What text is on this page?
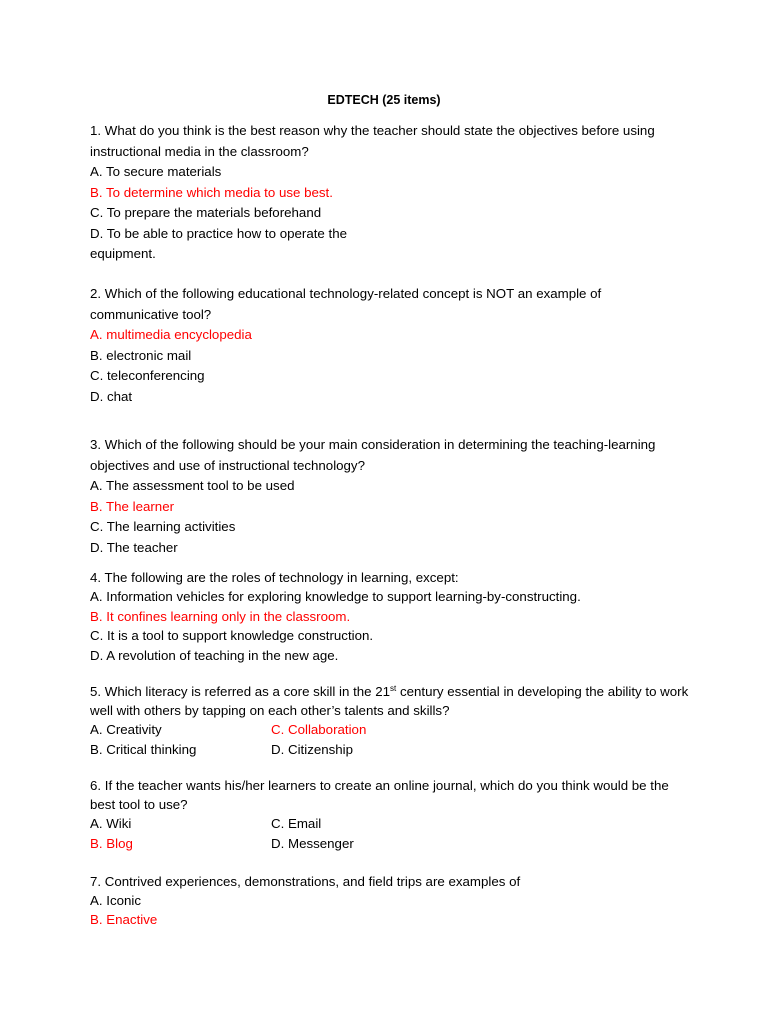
EDTECH (25 items)

1. What do you think is the best reason why the teacher should state the objectives before using instructional media in the classroom?

A. To secure materials

B. To determine which media to use best.

C. To prepare the materials beforehand

D. To be able to practice how to operate the

equipment.

2. Which of the following educational technology-related concept is NOT an example of communicative tool?

A. multimedia encyclopedia

B. electronic mail

C. teleconferencing

D. chat

3. Which of the following should be your main consideration in determining the teaching-learning objectives and use of instructional technology?

A. The assessment tool to be used

B. The learner

C. The learning activities

D. The teacher

4. The following are the roles of technology in learning, except:

A. Information vehicles for exploring knowledge to support learning-by-constructing.

B. It confines learning only in the classroom.

C. It is a tool to support knowledge construction.

D. A revolution of teaching in the new age.

5. Which literacy is referred as a core skill in the 21st century essential in developing the ability to work well with others by tapping on each other’s talents and skills?

A. Creativity	C. Collaboration
B. Critical thinking	D. Citizenship

6. If the teacher wants his/her learners to create an online journal, which do you think would be the best tool to use?

A. Wiki	C. Email
B. Blog	D. Messenger

7. Contrived experiences, demonstrations, and field trips are examples of

A. Iconic

B. Enactive
